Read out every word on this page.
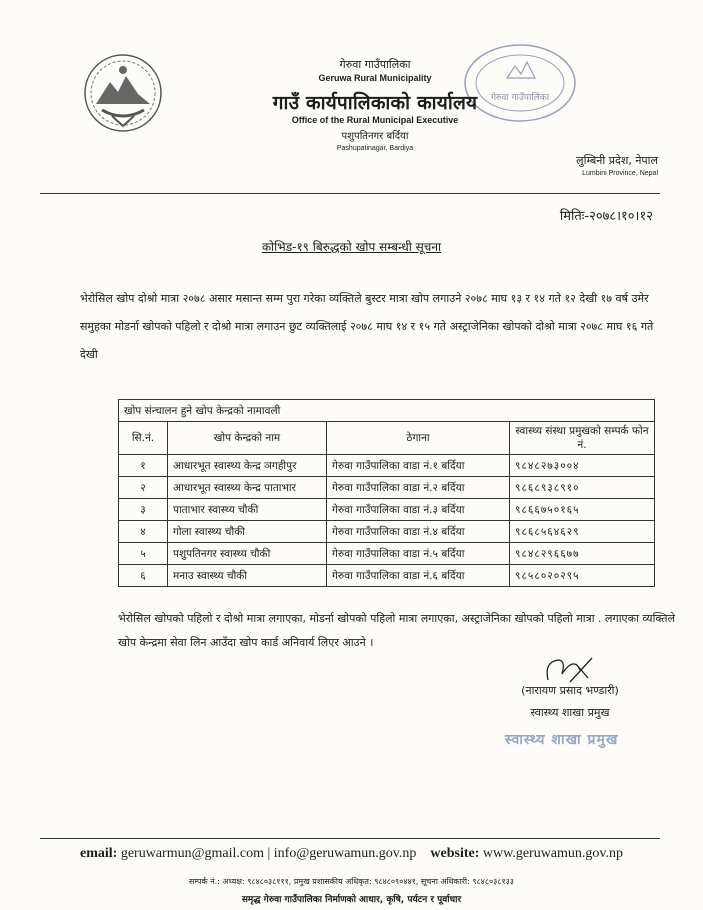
गेरुवा गाउँपालिका
गेरुवा गाउँपालिका
Geruwa Rural Municipality
गाउँ कार्यपालिकाको कार्यालय
Office of the Rural Municipal Executive
पशुपतिनगर बर्दिया
Pashupatinagar, Bardiya
लुम्बिनी प्रदेश, नेपाल
Lumbini Province, Nepal
मितिः-२०७८।१०।१२
कोभिड-१९ बिरुद्धको खोप सम्बन्धी सूचना
भेरोसिल खोप दोश्रो मात्रा २०७८ असार मसान्त सम्म पुरा गरेका व्यक्तिले बुस्टर मात्रा खोप लगाउने २०७८ माघ १३ र १४ गते १२ देखी १७ वर्ष उमेर समुहका मोडर्ना खोपको पहिलो र दोश्रो मात्रा लगाउन छुट व्यक्तिलाई २०७८ माघ १४ र १५ गते अस्ट्राजेनिका खोपको दोश्रो मात्रा २०७८ माघ १६ गते देखी
खोप संन्चालन हुने खोप केन्द्रको नामावली			
सि.नं.	खोप केन्द्रको नाम	ठेगाना	स्वास्थ्य संस्था प्रमुखको सम्पर्क फोन नं.
१	आधारभूत स्वास्थ्य केन्द्र ञगहीपुर	गेरुवा गाउँपालिका वाडा नं.१ बर्दिया	९८४८२७३००४
२	आधारभूत स्वास्थ्य केन्द्र पाताभार	गेरुवा गाउँपालिका वाडा नं.२ बर्दिया	९८६८९३८९१०
३	पाताभार स्वास्थ्य चौकी	गेरुवा गाउँपालिका वाडा नं.३ बर्दिया	९८६६७५०१६५
४	गोला स्वास्थ्य चौकी	गेरुवा गाउँपालिका वाडा नं.४ बर्दिया	९८६८५६४६२९
५	पशुपतिनगर स्वास्थ्य चौकी	गेरुवा गाउँपालिका वाडा नं.५ बर्दिया	९८४८२९६६७७
६	मनाउ स्वास्थ्य चौकी	गेरुवा गाउँपालिका वाडा नं.६ बर्दिया	९८५८०२०२९५
भेरोसिल खोपको पहिलो र दोश्रो मात्रा लगाएका, मोडर्ना खोपको पहिलो मात्रा लगाएका, अस्ट्राजेनिका खोपको पहिलो मात्रा . लगाएका व्यक्तिले खोप केन्द्रमा सेवा लिन आउँदा खोप कार्ड अनिवार्य लिएर आउने ।
(नारायण प्रसाद भण्डारी)
स्वास्थ्य शाखा प्रमुख
स्वास्थ्य शाखा प्रमुख
email: geruwarmun@gmail.com | info@geruwamun.gov.np website: www.geruwamun.gov.np
सम्पर्क नं.: अध्यक्ष: ९८४८०३८१११, प्रमुख प्रशासकीय अधिकृत: ९८४८०९०४४१, सूचना अधिकारी: ९८४८०३८१३३
समृद्ध गेरुवा गाउँपालिका निर्माणको आधार, कृषि, पर्यटन र पूर्वाधार
